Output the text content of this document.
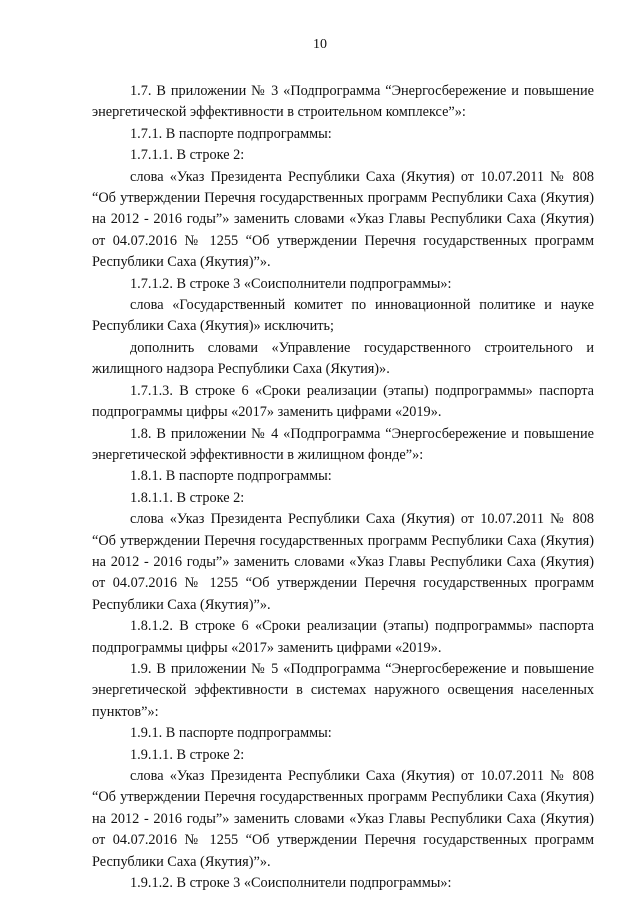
10

1.7. В приложении № 3 «Подпрограмма “Энергосбережение и повышение энергетической эффективности в строительном комплексе”»:

1.7.1. В паспорте подпрограммы:

1.7.1.1. В строке 2:

слова «Указ Президента Республики Саха (Якутия) от 10.07.2011 № 808 “Об утверждении Перечня государственных программ Республики Саха (Якутия) на 2012 - 2016 годы”» заменить словами «Указ Главы Республики Саха (Якутия) от 04.07.2016 № 1255 “Об утверждении Перечня государственных программ Республики Саха (Якутия)”».

1.7.1.2. В строке 3 «Соисполнители подпрограммы»:

слова «Государственный комитет по инновационной политике и науке Республики Саха (Якутия)» исключить;

дополнить словами «Управление государственного строительного и жилищного надзора Республики Саха (Якутия)».

1.7.1.3. В строке 6 «Сроки реализации (этапы) подпрограммы» паспорта подпрограммы цифры «2017» заменить цифрами «2019».

1.8. В приложении № 4 «Подпрограмма “Энергосбережение и повышение энергетической эффективности в жилищном фонде”»:

1.8.1. В паспорте подпрограммы:

1.8.1.1. В строке 2:

слова «Указ Президента Республики Саха (Якутия) от 10.07.2011 № 808 “Об утверждении Перечня государственных программ Республики Саха (Якутия) на 2012 - 2016 годы”» заменить словами «Указ Главы Республики Саха (Якутия) от 04.07.2016 № 1255 “Об утверждении Перечня государственных программ Республики Саха (Якутия)”».

1.8.1.2. В строке 6 «Сроки реализации (этапы) подпрограммы» паспорта подпрограммы цифры «2017» заменить цифрами «2019».

1.9. В приложении № 5 «Подпрограмма “Энергосбережение и повышение энергетической эффективности в системах наружного освещения населенных пунктов”»:

1.9.1. В паспорте подпрограммы:

1.9.1.1. В строке 2:

слова «Указ Президента Республики Саха (Якутия) от 10.07.2011 № 808 “Об утверждении Перечня государственных программ Республики Саха (Якутия) на 2012 - 2016 годы”» заменить словами «Указ Главы Республики Саха (Якутия) от 04.07.2016 № 1255 “Об утверждении Перечня государственных программ Республики Саха (Якутия)”».

1.9.1.2. В строке 3 «Соисполнители подпрограммы»:
